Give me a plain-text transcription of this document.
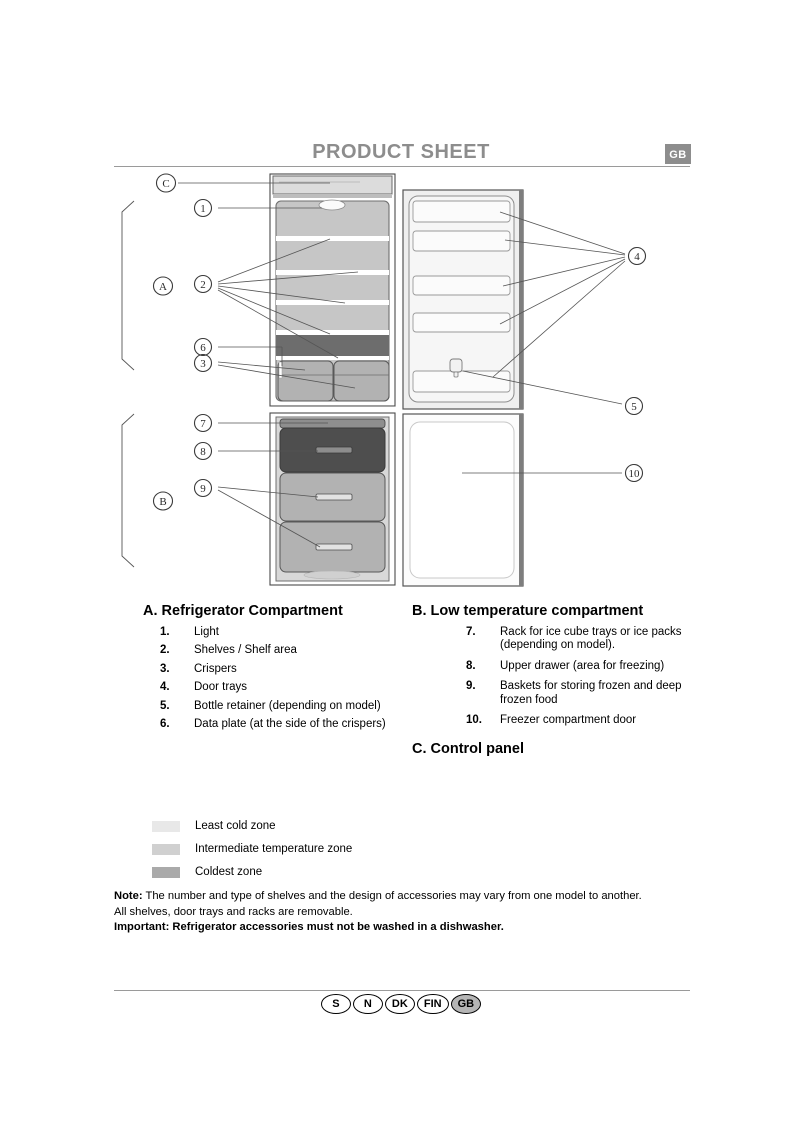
PRODUCT SHEET	GB
C
A
B
1
2
6
3
7
8
9
4
5
10
A. Refrigerator Compartment
1.	Light
2.	Shelves / Shelf area
3.	Crispers
4.	Door trays
5.	Bottle retainer (depending on model)
6.	Data plate (at the side of the crispers)
B. Low temperature compartment
7.	Rack for ice cube trays or ice packs (depending on model).
8.	Upper drawer (area for freezing)
9.	Baskets for storing frozen and deep frozen food
10.	Freezer compartment door
C. Control panel
Least cold zone
Intermediate temperature zone
Coldest zone
Note: The number and type of shelves and the design of accessories may vary from one model to another.
All shelves, door trays and racks are removable.
Important: Refrigerator accessories must not be washed in a dishwasher.
S	N	DK	FIN	GB
